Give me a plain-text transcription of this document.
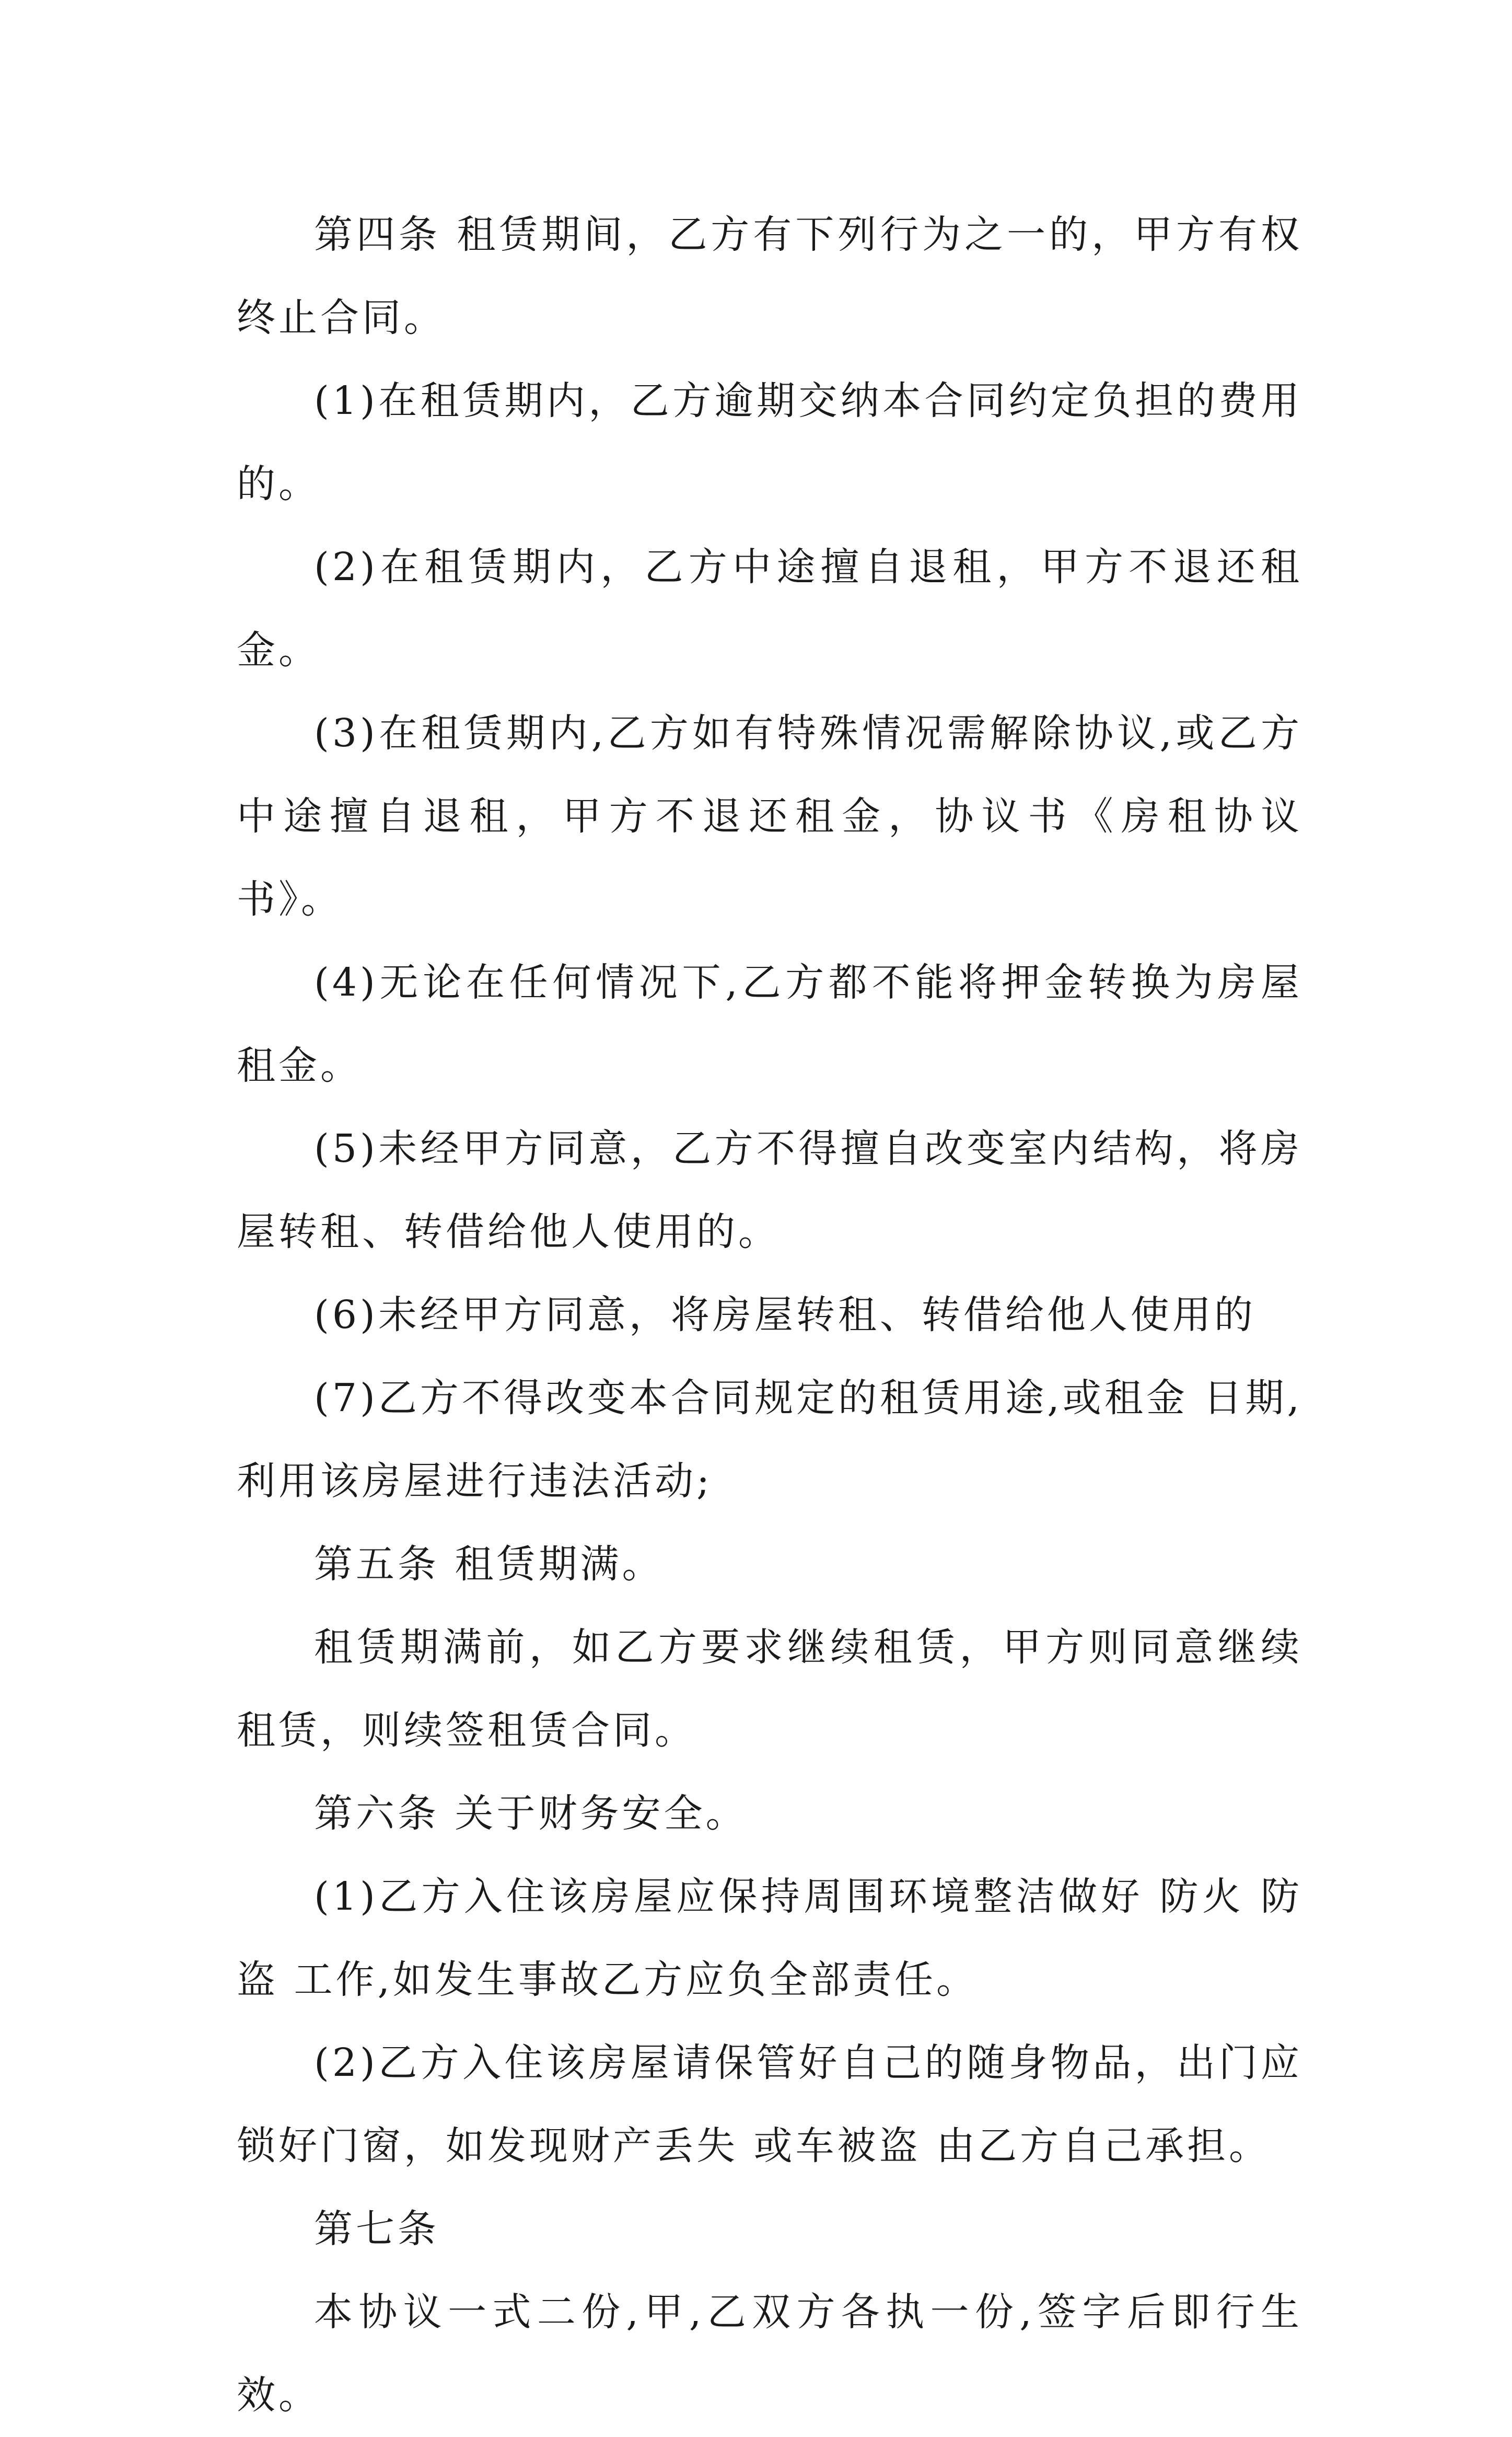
第四条 租赁期间，乙方有下列行为之一的，甲方有权终止合同。

(1)在租赁期内，乙方逾期交纳本合同约定负担的费用的。

(2)在租赁期内，乙方中途擅自退租，甲方不退还租金。

(3)在租赁期内,乙方如有特殊情况需解除协议,或乙方中途擅自退租，甲方不退还租金，协议书《房租协议书》。

(4)无论在任何情况下,乙方都不能将押金转换为房屋租金。

(5)未经甲方同意，乙方不得擅自改变室内结构，将房屋转租、转借给他人使用的。

(6)未经甲方同意，将房屋转租、转借给他人使用的

(7)乙方不得改变本合同规定的租赁用途,或租金 日期,利用该房屋进行违法活动;

第五条 租赁期满。

租赁期满前，如乙方要求继续租赁，甲方则同意继续租赁，则续签租赁合同。

第六条 关于财务安全。

(1)乙方入住该房屋应保持周围环境整洁做好 防火 防盗 工作,如发生事故乙方应负全部责任。

(2)乙方入住该房屋请保管好自己的随身物品，出门应锁好门窗，如发现财产丢失 或车被盗 由乙方自己承担。

第七条

本协议一式二份,甲,乙双方各执一份,签字后即行生效。
